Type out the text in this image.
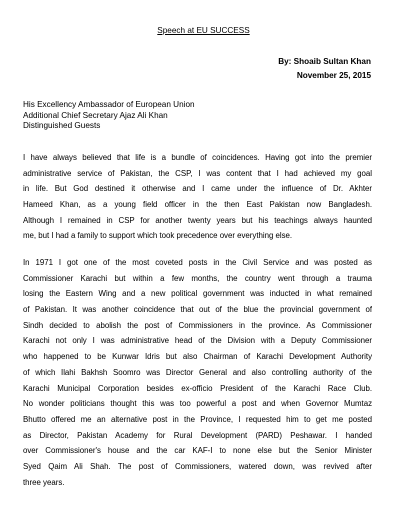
Speech at EU SUCCESS
By: Shoaib Sultan Khan
November 25, 2015
His Excellency Ambassador of European Union
Additional Chief Secretary Ajaz Ali Khan
Distinguished Guests
I have always believed that life is a bundle of coincidences. Having got into the premier
administrative service of Pakistan, the CSP, I was content that I had achieved my goal
in life. But God destined it otherwise and I came under the influence of Dr. Akhter
Hameed Khan, as a young field officer in the then East Pakistan now Bangladesh.
Although I remained in CSP for another twenty years but his teachings always haunted
me, but I had a family to support which took precedence over everything else.
In 1971 I got one of the most coveted posts in the Civil Service and was posted as
Commissioner Karachi but within a few months, the country went through a trauma
losing the Eastern Wing and a new political government was inducted in what remained
of Pakistan. It was another coincidence that out of the blue the provincial government of
Sindh decided to abolish the post of Commissioners in the province. As Commissioner
Karachi not only I was administrative head of the Division with a Deputy Commissioner
who happened to be Kunwar Idris but also Chairman of Karachi Development Authority
of which Ilahi Bakhsh Soomro was Director General and also controlling authority of the
Karachi Municipal Corporation besides ex-officio President of the Karachi Race Club.
No wonder politicians thought this was too powerful a post and when Governor Mumtaz
Bhutto offered me an alternative post in the Province, I requested him to get me posted
as Director, Pakistan Academy for Rural Development (PARD) Peshawar. I handed
over Commissioner's house and the car KAF-I to none else but the Senior Minister
Syed Qaim Ali Shah. The post of Commissioners, watered down, was revived after
three years.
